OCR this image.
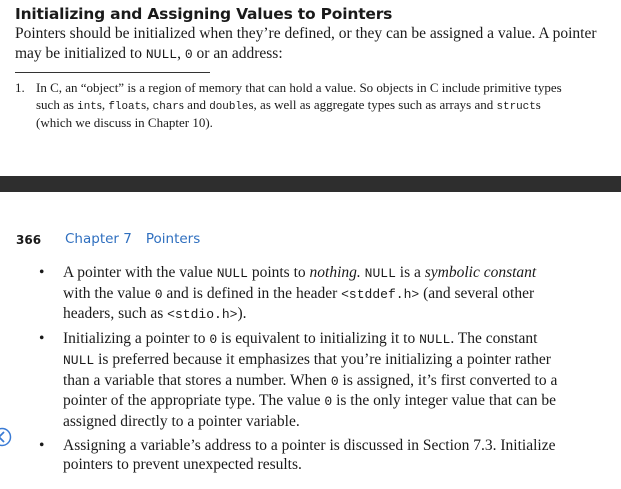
Initializing and Assigning Values to Pointers

Pointers should be initialized when they’re defined, or they can be assigned a value. A pointer may be initialized to NULL, 0 or an address:

1. In C, an “object” is a region of memory that can hold a value. So objects in C include primitive types such as ints, floats, chars and doubles, as well as aggregate types such as arrays and structs (which we discuss in Chapter 10).
366 Chapter 7 Pointers
• A pointer with the value NULL points to nothing. NULL is a symbolic constant with the value 0 and is defined in the header <stddef.h> (and several other headers, such as <stdio.h>).
• Initializing a pointer to 0 is equivalent to initializing it to NULL. The constant NULL is preferred because it emphasizes that you’re initializing a pointer rather than a variable that stores a number. When 0 is assigned, it’s first converted to a pointer of the appropriate type. The value 0 is the only integer value that can be assigned directly to a pointer variable.
• Assigning a variable’s address to a pointer is discussed in Section 7.3. Initialize pointers to prevent unexpected results.
